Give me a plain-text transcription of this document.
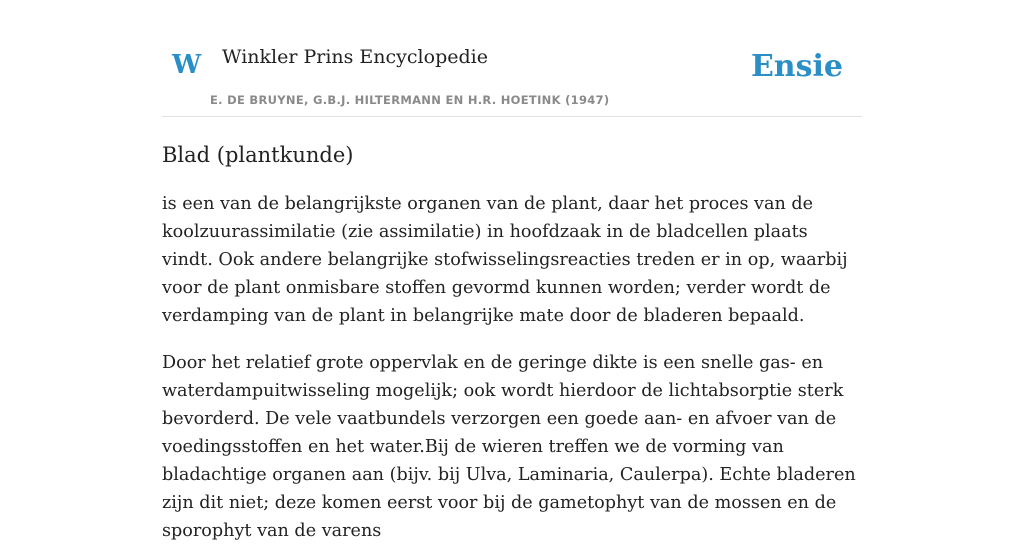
W Winkler Prins Encyclopedie
E. DE BRUYNE, G.B.J. HILTERMANN EN H.R. HOETINK (1947)
Ensie
Blad (plantkunde)

is een van de belangrijkste organen van de plant, daar het proces van de koolzuurassimilatie (zie assimilatie) in hoofdzaak in de bladcellen plaats vindt. Ook andere belangrijke stofwisselingsreacties treden er in op, waarbij voor de plant onmisbare stoffen gevormd kunnen worden; verder wordt de verdamping van de plant in belangrijke mate door de bladeren bepaald.

Door het relatief grote oppervlak en de geringe dikte is een snelle gas- en waterdampuitwisseling mogelijk; ook wordt hierdoor de lichtabsorptie sterk bevorderd. De vele vaatbundels verzorgen een goede aan- en afvoer van de voedingsstoffen en het water.Bij de wieren treffen we de vorming van bladachtige organen aan (bijv. bij Ulva, Laminaria, Caulerpa). Echte bladeren zijn dit niet; deze komen eerst voor bij de gametophyt van de mossen en de sporophyt van de varens
